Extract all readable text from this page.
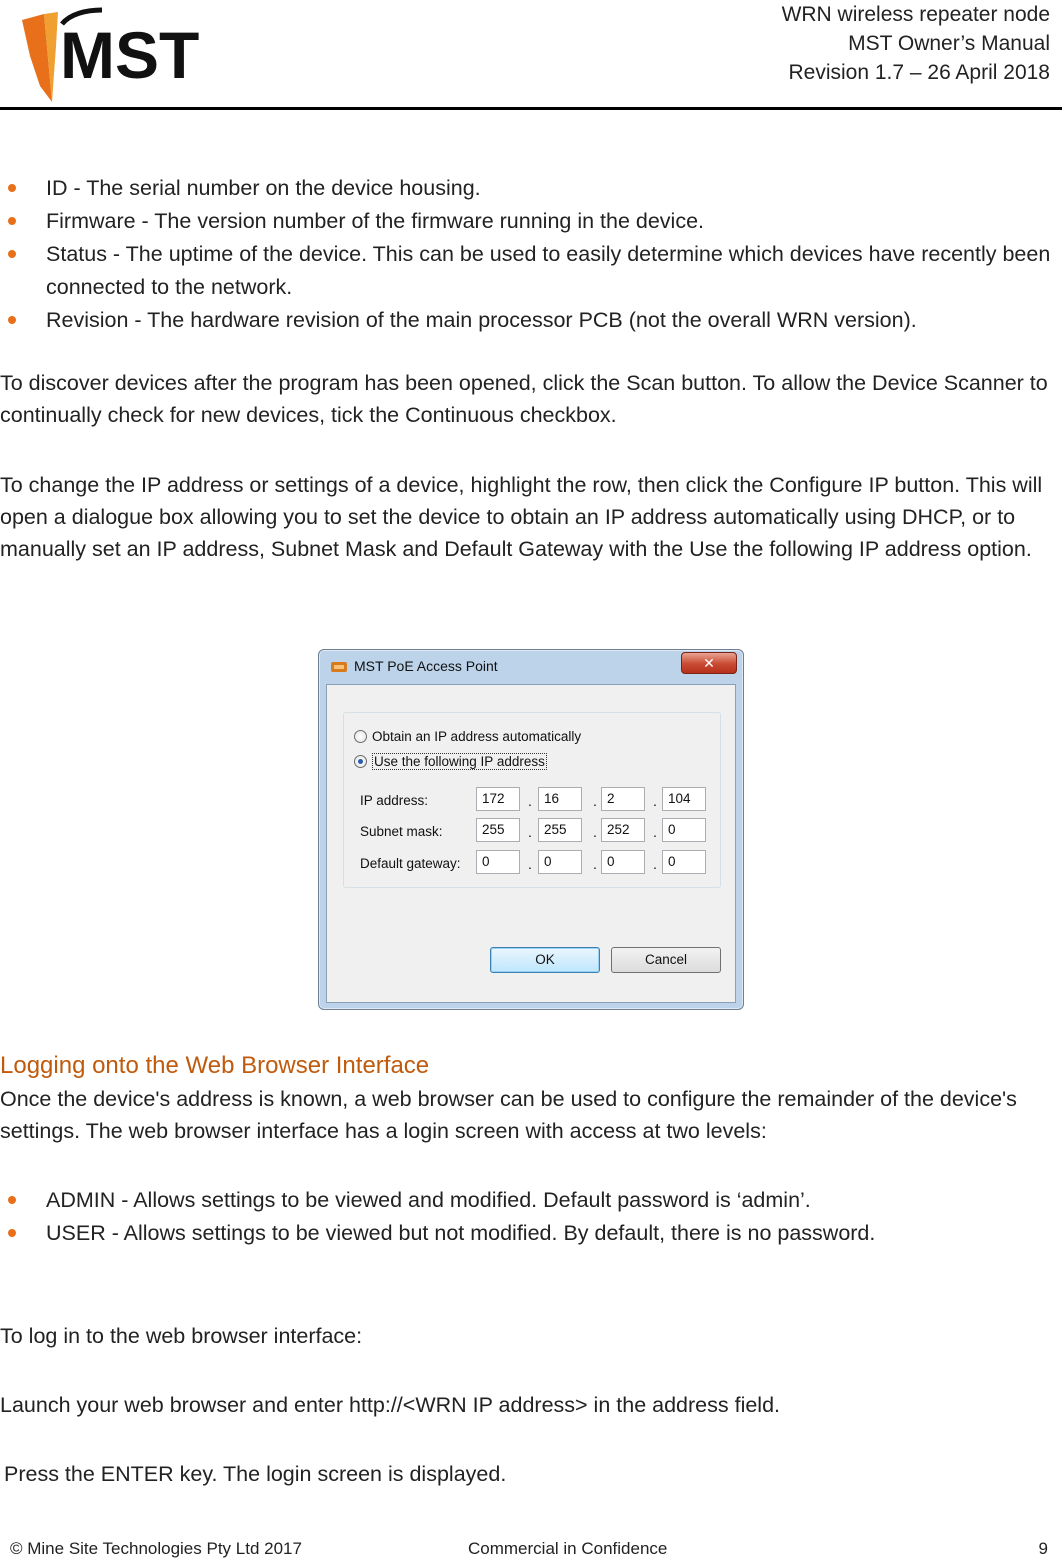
MST
WRN wireless repeater node
MST Owner’s Manual
Revision 1.7 – 26 April 2018
ID - The serial number on the device housing.
Firmware - The version number of the firmware running in the device.
Status - The uptime of the device. This can be used to easily determine which devices have recently been connected to the network.
Revision - The hardware revision of the main processor PCB (not the overall WRN version).
To discover devices after the program has been opened, click the Scan button. To allow the Device Scanner to continually check for new devices, tick the Continuous checkbox.
To change the IP address or settings of a device, highlight the row, then click the Configure IP button. This will open a dialogue box allowing you to set the device to obtain an IP address automatically using DHCP, or to manually set an IP address, Subnet Mask and Default Gateway with the Use the following IP address option.
MST PoE Access Point	✕
Obtain an IP address automatically
Use the following IP address
IP address:	172	. 16	. 2	. 104
Subnet mask:	255	. 255	. 252	. 0
Default gateway:	0	. 0	. 0	. 0
OK	Cancel
Logging onto the Web Browser Interface
Once the device's address is known, a web browser can be used to configure the remainder of the device's settings. The web browser interface has a login screen with access at two levels:
ADMIN - Allows settings to be viewed and modified. Default password is ‘admin’.
USER - Allows settings to be viewed but not modified. By default, there is no password.
To log in to the web browser interface:
Launch your web browser and enter http://<WRN IP address> in the address field.
Press the ENTER key. The login screen is displayed.
© Mine Site Technologies Pty Ltd 2017	Commercial in Confidence	9
